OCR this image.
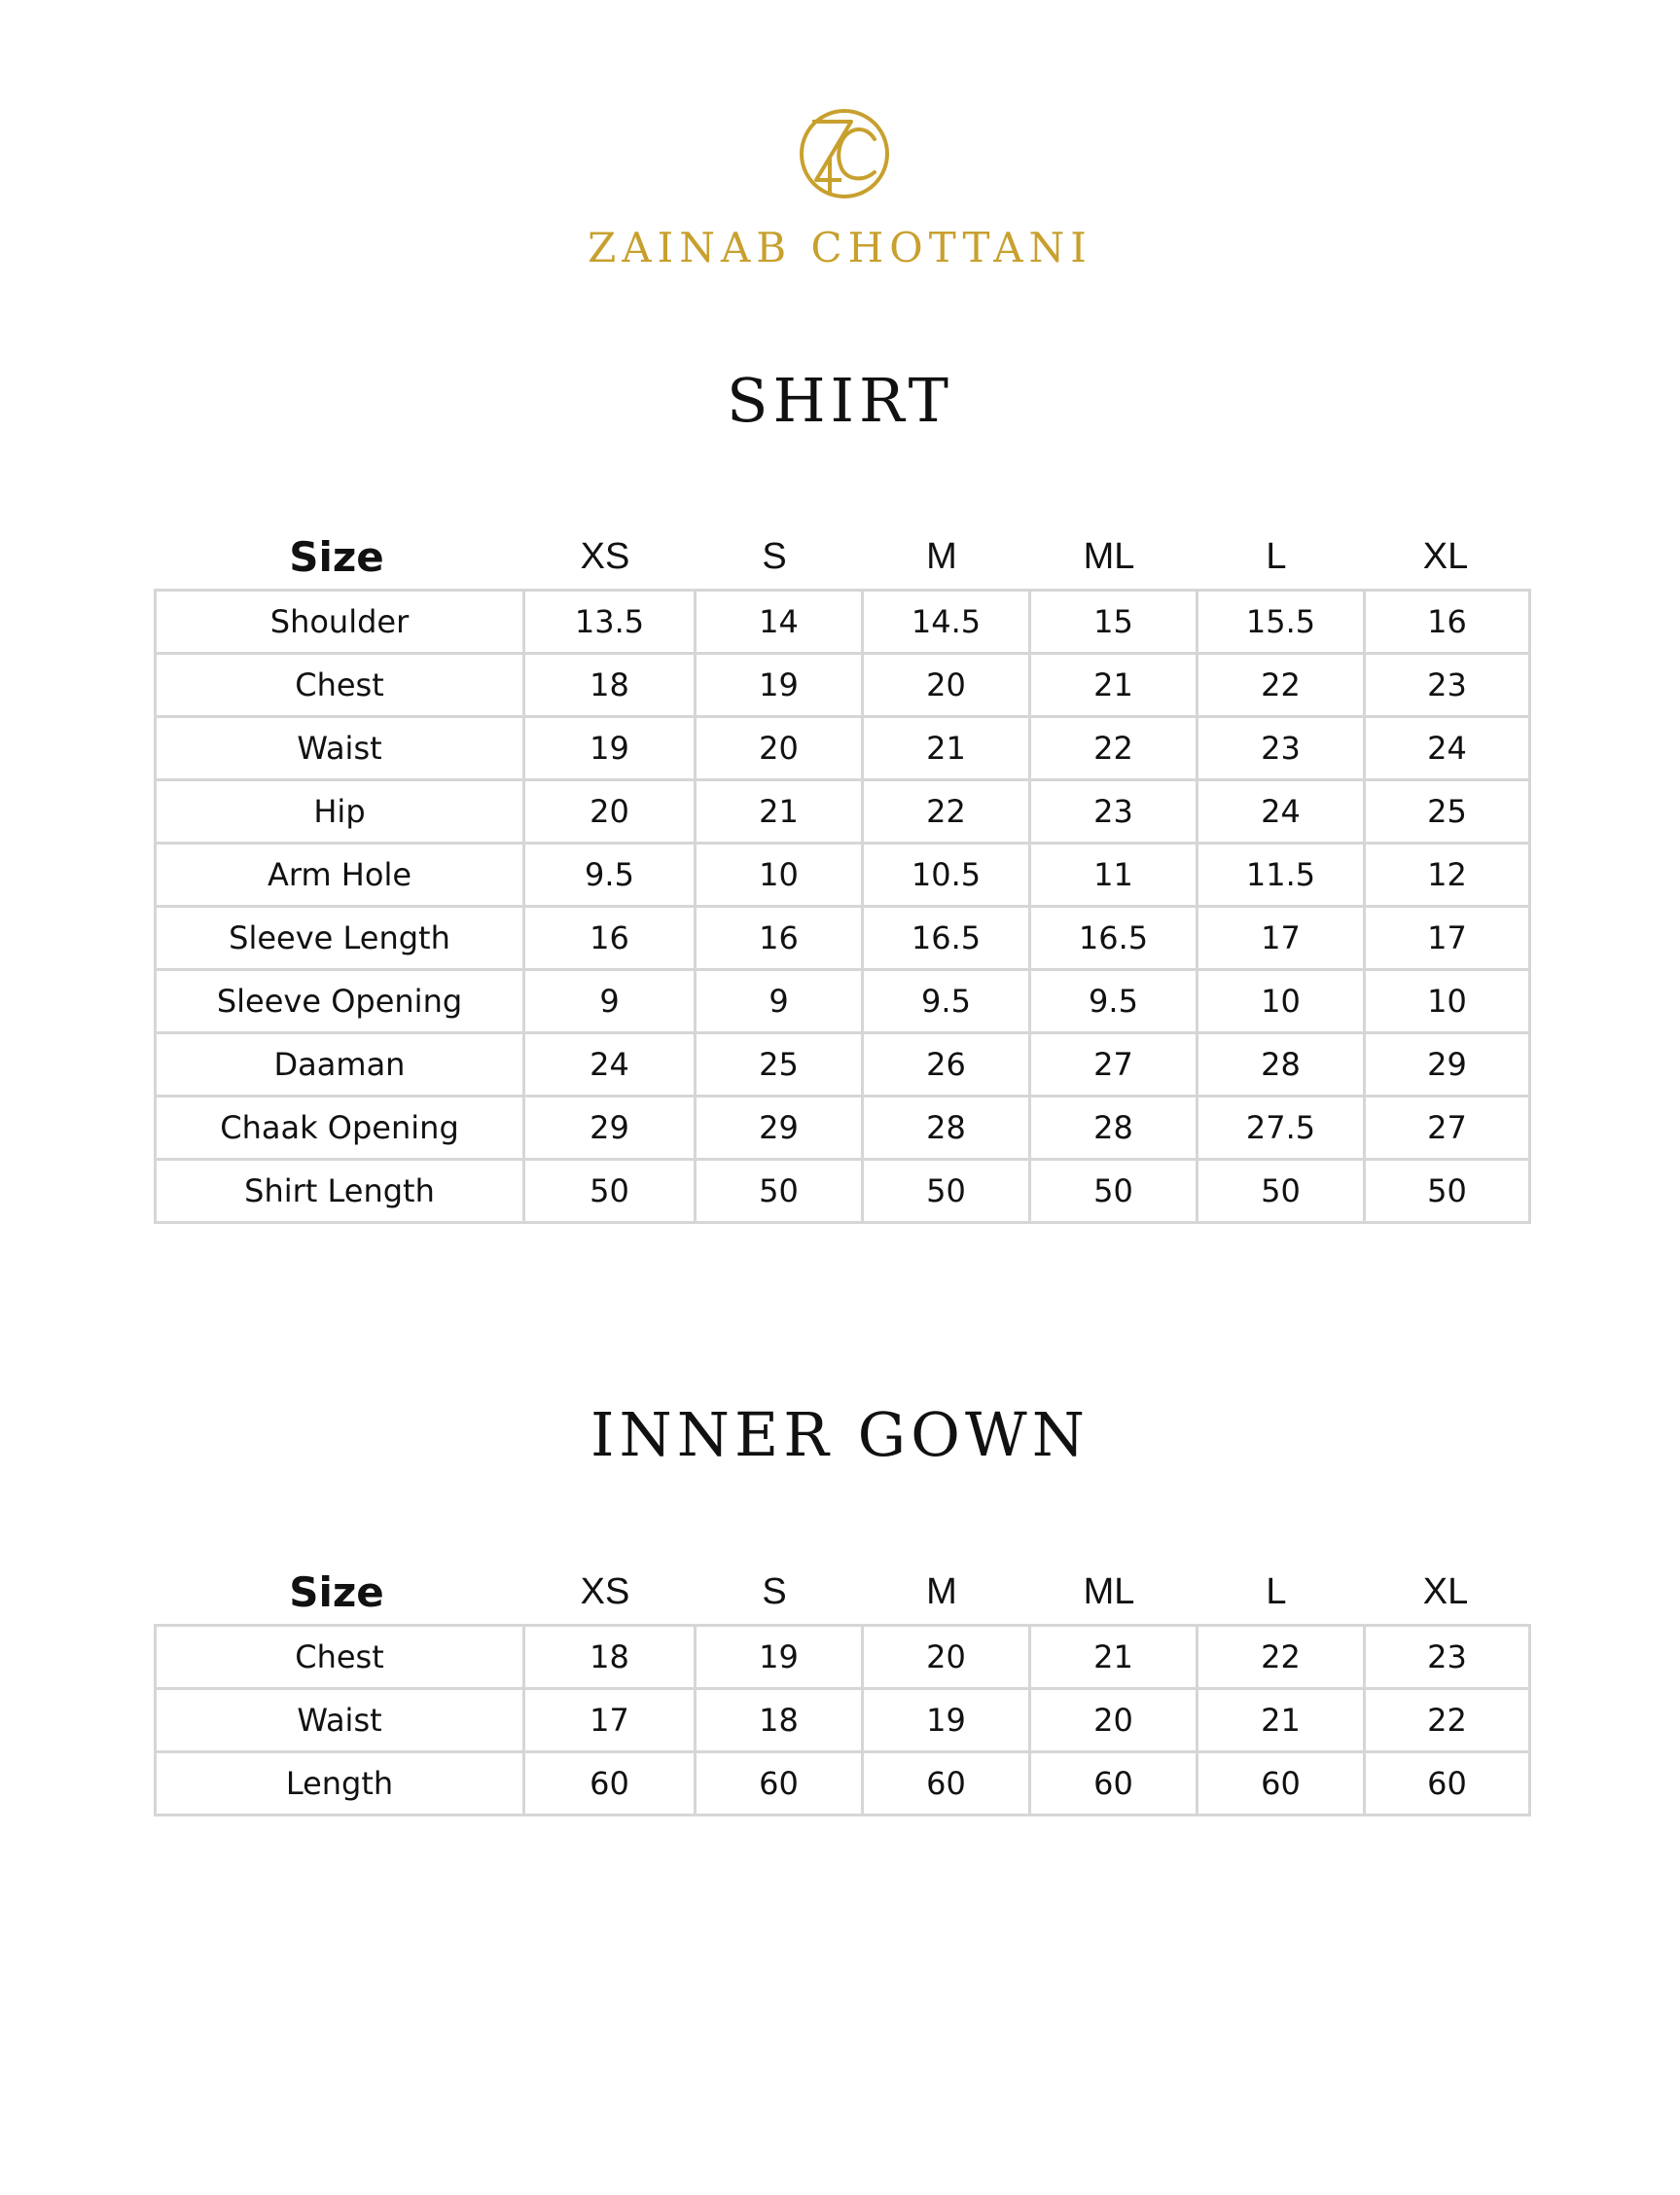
ZAINAB CHOTTANI
SHIRT
Size	XS	S	M	ML	L	XL
Shoulder	13.5	14	14.5	15	15.5	16
Chest	18	19	20	21	22	23
Waist	19	20	21	22	23	24
Hip	20	21	22	23	24	25
Arm Hole	9.5	10	10.5	11	11.5	12
Sleeve Length	16	16	16.5	16.5	17	17
Sleeve Opening	9	9	9.5	9.5	10	10
Daaman	24	25	26	27	28	29
Chaak Opening	29	29	28	28	27.5	27
Shirt Length	50	50	50	50	50	50
INNER GOWN
Size	XS	S	M	ML	L	XL
Chest	18	19	20	21	22	23
Waist	17	18	19	20	21	22
Length	60	60	60	60	60	60
